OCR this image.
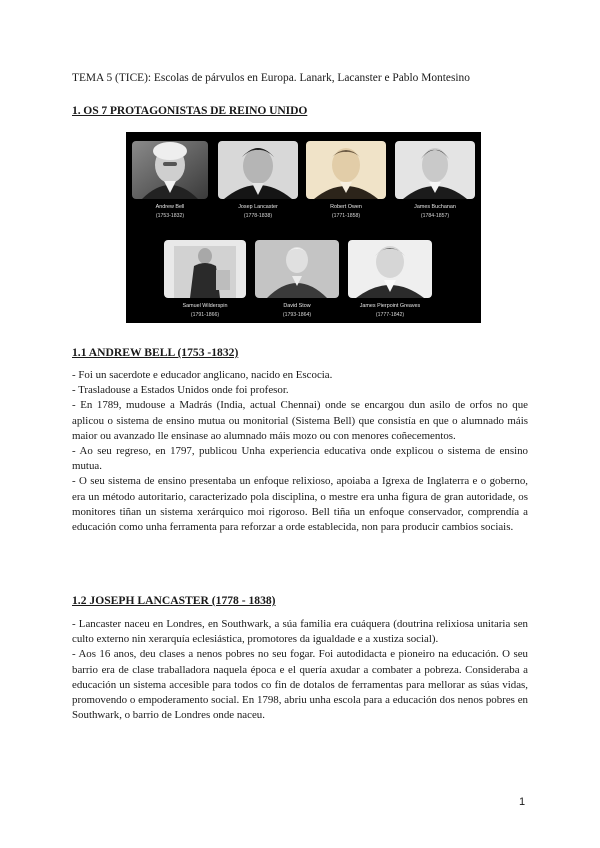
TEMA 5 (TICE): Escolas de párvulos en Europa. Lanark, Lacanster e Pablo Montesino
1. OS 7 PROTAGONISTAS DE REINO UNIDO
Andrew Bell
(1753-1832)
Josep Lancaster
(1778-1838)
Robert Owen
(1771-1858)
James Buchanan
(1784-1857)
Samuel Wilderspin
(1791-1866)
David Stow
(1793-1864)
James Pierpoint Greaves
(1777-1842)
1.1 ANDREW BELL (1753 -1832)

- Foi un sacerdote e educador anglicano, nacido en Escocia.

- Trasladouse a Estados Unidos onde foi profesor.

- En 1789, mudouse a Madrás (India, actual Chennai) onde se encargou dun asilo de orfos no que aplicou o sistema de ensino mutua ou monitorial (Sistema Bell) que consistía en que o alumnado máis maior ou avanzado lle ensinase ao alumnado máis mozo ou con menores coñecementos.

- Ao seu regreso, en 1797, publicou Unha experiencia educativa onde explicou o sistema de ensino mutua.

- O seu sistema de ensino presentaba un enfoque relixioso, apoiaba a Igrexa de Inglaterra e o goberno, era un método autoritario, caracterizado pola disciplina, o mestre era unha figura de gran autoridade, os monitores tiñan un sistema xerárquico moi rigoroso. Bell tiña un enfoque conservador, comprendía a educación como unha ferramenta para reforzar a orde establecida, non para producir cambios sociais.

1.2 JOSEPH LANCASTER (1778 - 1838)

- Lancaster naceu en Londres, en Southwark, a súa familia era cuáquera (doutrina relixiosa unitaria sen culto externo nin xerarquía eclesiástica, promotores da igualdade e a xustiza social).

- Aos 16 anos, deu clases a nenos pobres no seu fogar. Foi autodidacta e pioneiro na educación. O seu barrio era de clase traballadora naquela época e el quería axudar a combater a pobreza. Consideraba a educación un sistema accesible para todos co fin de dotalos de ferramentas para mellorar as súas vidas, promovendo o empoderamento social. En 1798, abriu unha escola para a educación dos nenos pobres en Southwark, o barrio de Londres onde naceu.

1
